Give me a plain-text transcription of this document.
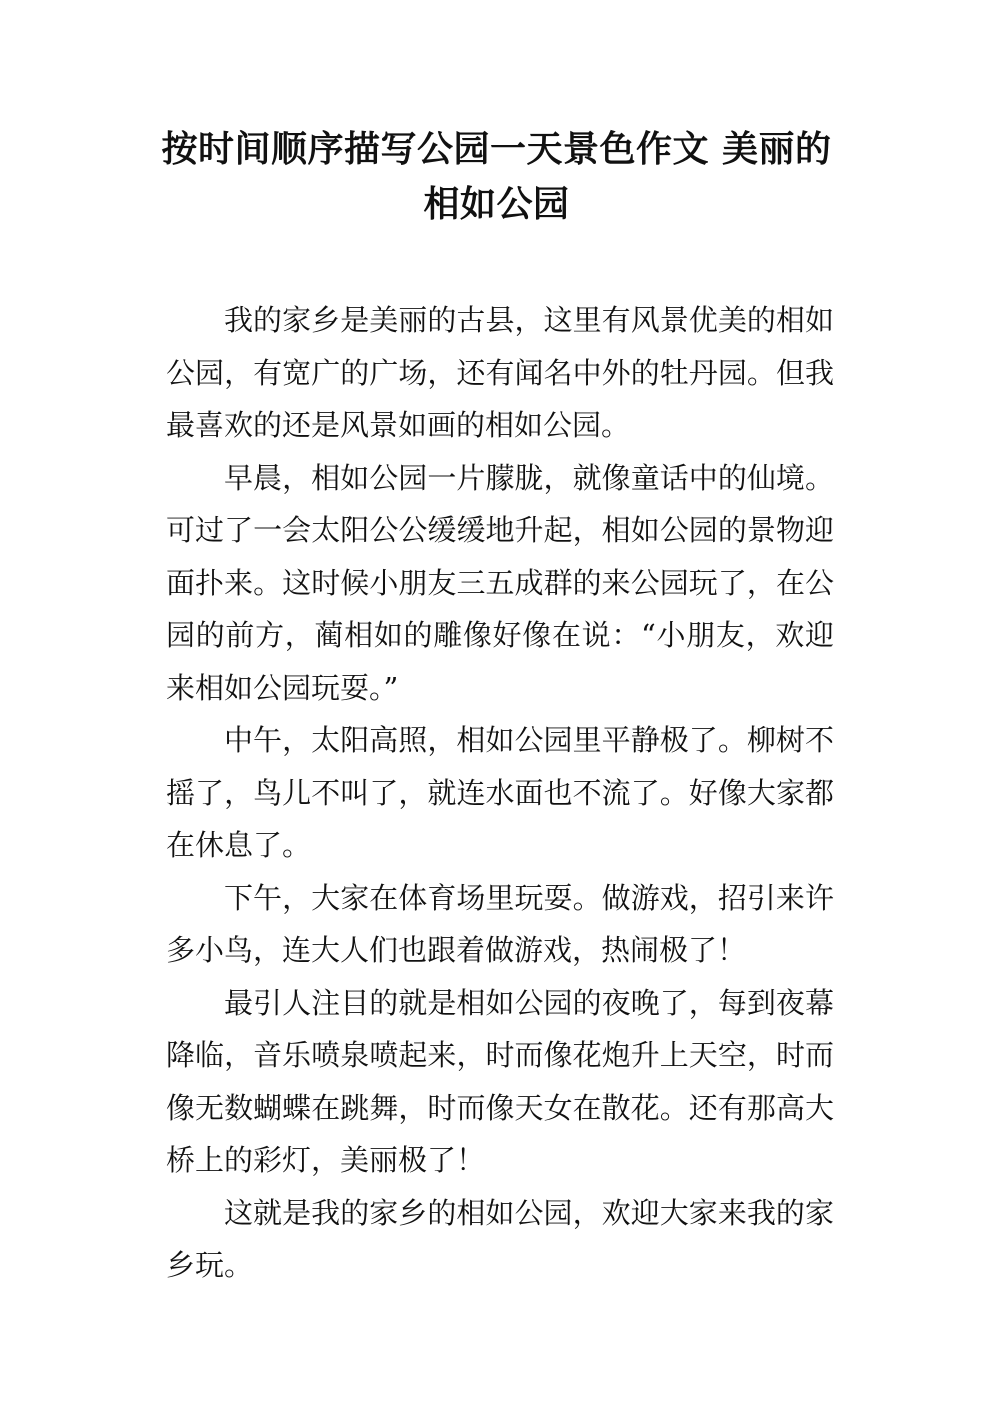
按时间顺序描写公园一天景色作文 美丽的相如公园

我的家乡是美丽的古县，这里有风景优美的相如公园，有宽广的广场，还有闻名中外的牡丹园。但我最喜欢的还是风景如画的相如公园。

早晨，相如公园一片朦胧，就像童话中的仙境。可过了一会太阳公公缓缓地升起，相如公园的景物迎面扑来。这时候小朋友三五成群的来公园玩了，在公园的前方，蔺相如的雕像好像在说：“小朋友，欢迎来相如公园玩耍。”

中午，太阳高照，相如公园里平静极了。柳树不摇了，鸟儿不叫了，就连水面也不流了。好像大家都在休息了。

下午，大家在体育场里玩耍。做游戏，招引来许多小鸟，连大人们也跟着做游戏，热闹极了！

最引人注目的就是相如公园的夜晚了，每到夜幕降临，音乐喷泉喷起来，时而像花炮升上天空，时而像无数蝴蝶在跳舞，时而像天女在散花。还有那高大桥上的彩灯，美丽极了！

这就是我的家乡的相如公园，欢迎大家来我的家乡玩。
